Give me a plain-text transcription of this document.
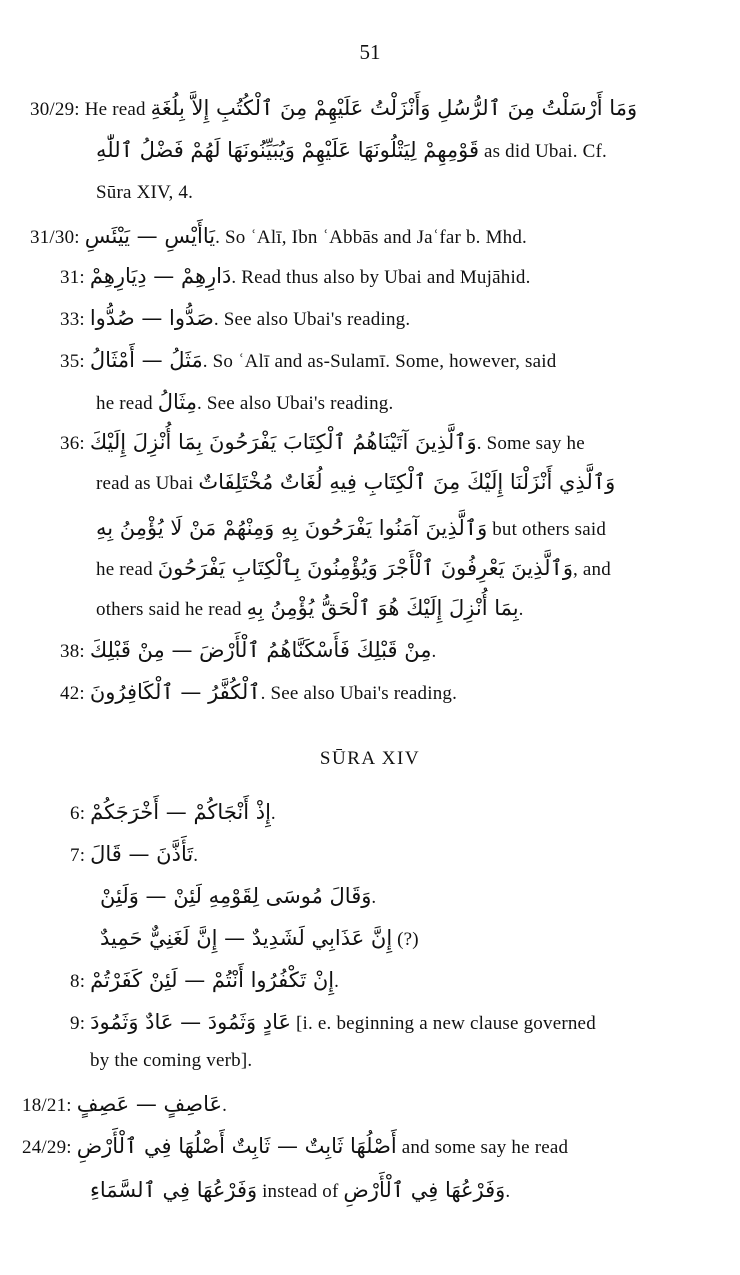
51
30/29: He read وَمَا أَرْسَلْتُ مِنَ ٱلرُّسُلِ وَأَنْزَلْتُ عَلَيْهِمْ مِنَ ٱلْكُتُبِ إِلاَّ بِلُغَةِ
قَوْمِهِمْ لِيَتْلُونَهَا عَلَيْهِمْ وَيُبَيِّنُونَهَا لَهُمْ فَضْلُ ٱللّٰهِ as did Ubai. Cf.
Sūra XIV, 4.
31/30: يَاأَيْسِ — يَيْئَسِ. So ʿAlī, Ibn ʿAbbās and Jaʿfar b. Mhd.
31: دَارِهِمْ — دِيَارِهِمْ. Read thus also by Ubai and Mujāhid.
33: صَدُّوا — صُدُّوا. See also Ubai's reading.
35: مَثَلُ — أَمْثَالُ. So ʿAlī and as-Sulamī. Some, however, said
he read مِثَالُ. See also Ubai's reading.
36: وَٱلَّذِينَ آتَيْنَاهُمُ ٱلْكِتَابَ يَفْرَحُونَ بِمَا أُنْزِلَ إِلَيْكَ. Some say he
read as Ubai وَٱلَّذِي أَنْزَلْنَا إِلَيْكَ مِنَ ٱلْكِتَابِ فِيهِ لُغَاتٌ مُخْتَلِفَاتٌ
وَٱلَّذِينَ آمَنُوا يَفْرَحُونَ بِهِ وَمِنْهُمْ مَنْ لَا يُؤْمِنُ بِهِ but others said
he read وَٱلَّذِينَ يَعْرِفُونَ ٱلْأَجْرَ وَيُؤْمِنُونَ بِٱلْكِتَابِ يَفْرَحُونَ, and
others said he read بِمَا أُنْزِلَ إِلَيْكَ هُوَ ٱلْحَقُّ يُؤْمِنُ بِهِ.
38: مِنْ قَبْلِكَ فَأَسْكَنَّاهُمُ ٱلْأَرْضَ — مِنْ قَبْلِكَ.
42: ٱلْكُفَّرُ — ٱلْكَافِرُونَ. See also Ubai's reading.
SŪRA XIV
6: إِذْ أَنْجَاكُمْ — أَخْرَجَكُمْ.
7: تَأَذَّنَ — قَالَ.
وَقَالَ مُوسَى لِقَوْمِهِ لَئِنْ — وَلَئِنْ.
إِنَّ عَذَابِي لَشَدِيدٌ — إِنَّ لَغَنِيٌّ حَمِيدٌ (?)
8: إِنْ تَكْفُرُوا أَنْتُمْ — لَئِنْ كَفَرْتُمْ.
9: عَادٍ وَثَمُودَ — عَادٌ وَثَمُودَ [i. e. beginning a new clause governed
by the coming verb].
18/21: عَاصِفٍ — عَصِفٍ.
24/29: أَصْلُهَا ثَابِتٌ — ثَابِتٌ أَصْلُهَا فِي ٱلْأَرْضِ and some say he read
وَفَرْعُهَا فِي ٱلسَّمَاءِ instead of وَفَرْعُهَا فِي ٱلْأَرْضِ.
